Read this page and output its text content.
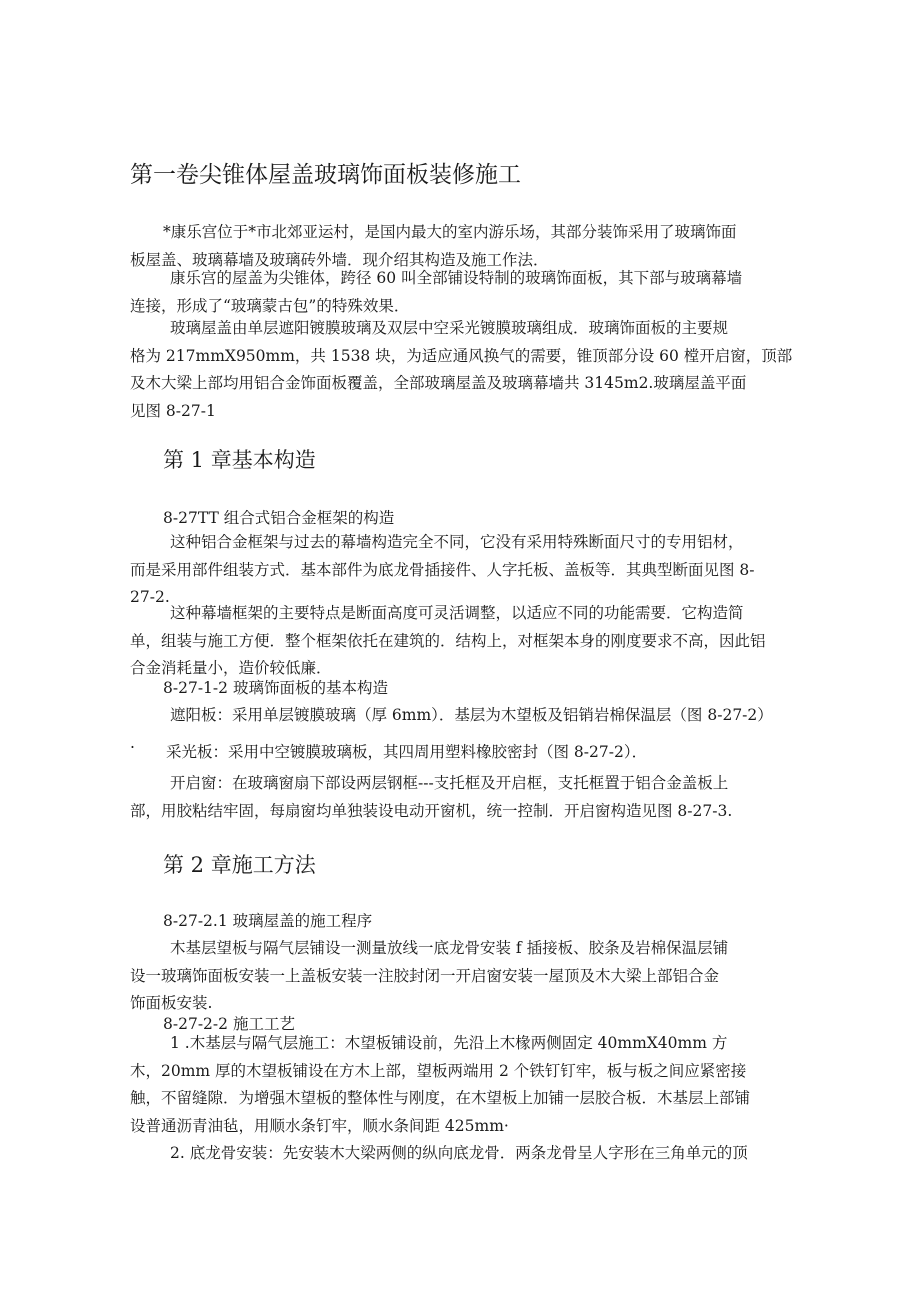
第一卷尖锥体屋盖玻璃饰面板装修施工
*康乐宫位于*市北郊亚运村，是国内最大的室内游乐场，其部分装饰采用了玻璃饰面
板屋盖、玻璃幕墙及玻璃砖外墙．现介绍其构造及施工作法．
康乐宫的屋盖为尖锥体，跨径 60 叫全部铺设特制的玻璃饰面板，其下部与玻璃幕墙
连接，形成了“玻璃蒙古包”的特殊效果．
玻璃屋盖由单层遮阳镀膜玻璃及双层中空采光镀膜玻璃组成．玻璃饰面板的主要规
格为 217mmX950mm，共 1538 块，为适应通风换气的需要，锥顶部分设 60 樘开启窗，顶部
及木大梁上部均用铝合金饰面板覆盖，全部玻璃屋盖及玻璃幕墙共 3145m2.玻璃屋盖平面
见图 8-27-1
第 1 章基本构造
8-27TT 组合式铝合金框架的构造
这种铝合金框架与过去的幕墙构造完全不同，它没有采用特殊断面尺寸的专用铝材，
而是采用部件组装方式．基本部件为底龙骨插接件、人字托板、盖板等．其典型断面见图 8-
27-2.
这种幕墙框架的主要特点是断面高度可灵活调整，以适应不同的功能需要．它构造简
单，组装与施工方便．整个框架依托在建筑的．结构上，对框架本身的刚度要求不高，因此铝
合金消耗量小，造价较低廉．
8-27-1-2 玻璃饰面板的基本构造
遮阳板：采用单层镀膜玻璃（厚 6mm）．基层为木望板及铝销岩棉保温层（图 8-27-2）
.
采光板：采用中空镀膜玻璃板，其四周用塑料橡胶密封（图 8-27-2）．
开启窗：在玻璃窗扇下部设两层钢框---支托框及开启框，支托框置于铝合金盖板上
部，用胶粘结牢固，每扇窗均单独装设电动开窗机，统一控制．开启窗构造见图 8-27-3.
第 2 章施工方法
8-27-2.1 玻璃屋盖的施工程序
木基层望板与隔气层铺设一测量放线一底龙骨安装 f 插接板、胶条及岩棉保温层铺
设一玻璃饰面板安装一上盖板安装一注胶封闭一开启窗安装一屋顶及木大梁上部铝合金
饰面板安装.
8-27-2-2 施工工艺
1 .木基层与隔气层施工：木望板铺设前，先沿上木椽两侧固定 40mmX40mm 方
木，20mm 厚的木望板铺设在方木上部，望板两端用 2 个铁钉钉牢，板与板之间应紧密接
触，不留缝隙．为增强木望板的整体性与刚度，在木望板上加铺一层胶合板．木基层上部铺
设普通沥青油毡，用顺水条钉牢，顺水条间距 425mm·
2. 底龙骨安装：先安装木大梁两侧的纵向底龙骨．两条龙骨呈人字形在三角单元的顶
